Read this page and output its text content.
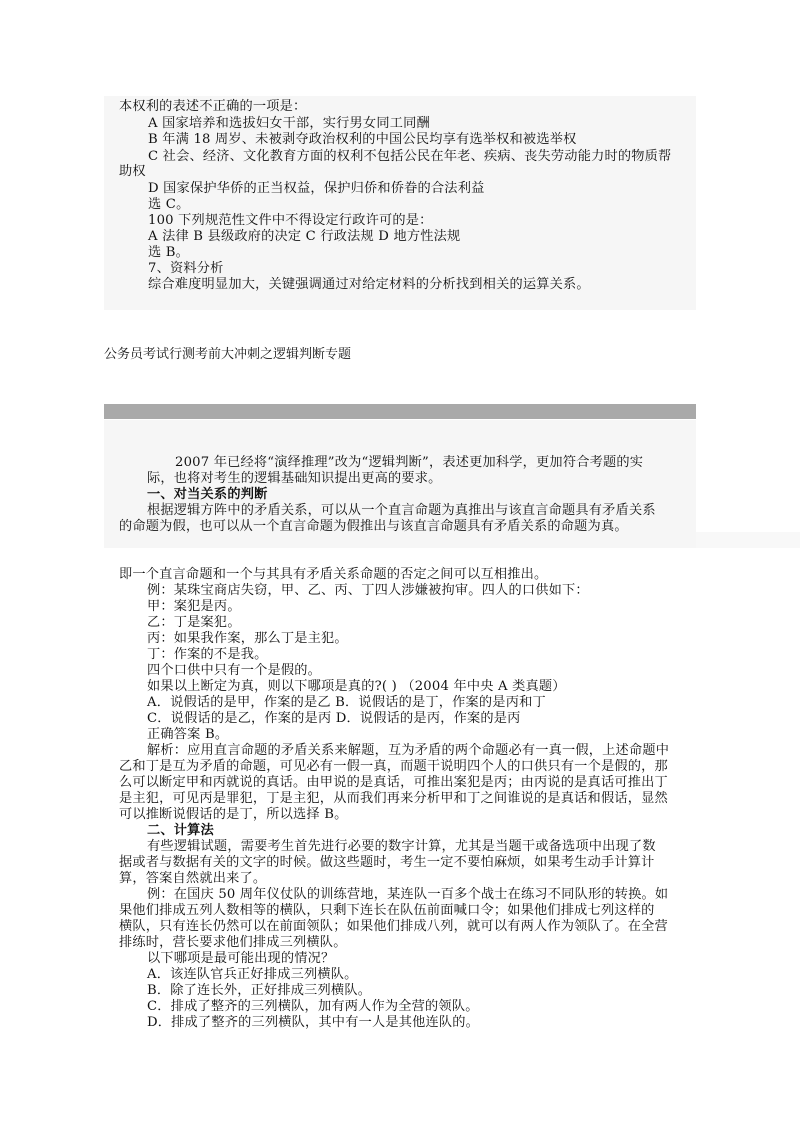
本权利的表述不正确的一项是：
A 国家培养和选拔妇女干部，实行男女同工同酬
B 年满 18 周岁、未被剥夺政治权利的中国公民均享有选举权和被选举权
C 社会、经济、文化教育方面的权利不包括公民在年老、疾病、丧失劳动能力时的物质帮
助权
D 国家保护华侨的正当权益，保护归侨和侨眷的合法利益
选 C。
100 下列规范性文件中不得设定行政许可的是：
A 法律 B 县级政府的决定 C 行政法规 D 地方性法规
选 B。
7、资料分析
综合难度明显加大，关键强调通过对给定材料的分析找到相关的运算关系。
公务员考试行测考前大冲刺之逻辑判断专题
2007 年已经将“演绎推理”改为“逻辑判断”，表述更加科学，更加符合考题的实
际，也将对考生的逻辑基础知识提出更高的要求。
一、对当关系的判断
根据逻辑方阵中的矛盾关系，可以从一个直言命题为真推出与该直言命题具有矛盾关系
的命题为假，也可以从一个直言命题为假推出与该直言命题具有矛盾关系的命题为真。
即一个直言命题和一个与其具有矛盾关系命题的否定之间可以互相推出。
例：某珠宝商店失窃，甲、乙、丙、丁四人涉嫌被拘审。四人的口供如下：
甲：案犯是丙。
乙：丁是案犯。
丙：如果我作案，那么丁是主犯。
丁：作案的不是我。
四个口供中只有一个是假的。
如果以上断定为真，则以下哪项是真的?( ) （2004 年中央 A 类真题）
A．说假话的是甲，作案的是乙 B．说假话的是丁，作案的是丙和丁
C．说假话的是乙，作案的是丙 D．说假话的是丙，作案的是丙
正确答案 B。
解析：应用直言命题的矛盾关系来解题，互为矛盾的两个命题必有一真一假，上述命题中
乙和丁是互为矛盾的命题，可见必有一假一真，而题干说明四个人的口供只有一个是假的，那
么可以断定甲和丙就说的真话。由甲说的是真话，可推出案犯是丙；由丙说的是真话可推出丁
是主犯，可见丙是罪犯，丁是主犯，从而我们再来分析甲和丁之间谁说的是真话和假话，显然
可以推断说假话的是丁，所以选择 B。
二、计算法
有些逻辑试题，需要考生首先进行必要的数字计算，尤其是当题干或备选项中出现了数
据或者与数据有关的文字的时候。做这些题时，考生一定不要怕麻烦，如果考生动手计算计
算，答案自然就出来了。
例：在国庆 50 周年仪仗队的训练营地，某连队一百多个战士在练习不同队形的转换。如
果他们排成五列人数相等的横队，只剩下连长在队伍前面喊口令；如果他们排成七列这样的
横队，只有连长仍然可以在前面领队；如果他们排成八列，就可以有两人作为领队了。在全营
排练时，营长要求他们排成三列横队。
以下哪项是最可能出现的情况？
A．该连队官兵正好排成三列横队。
B．除了连长外，正好排成三列横队。
C．排成了整齐的三列横队，加有两人作为全营的领队。
D．排成了整齐的三列横队，其中有一人是其他连队的。
